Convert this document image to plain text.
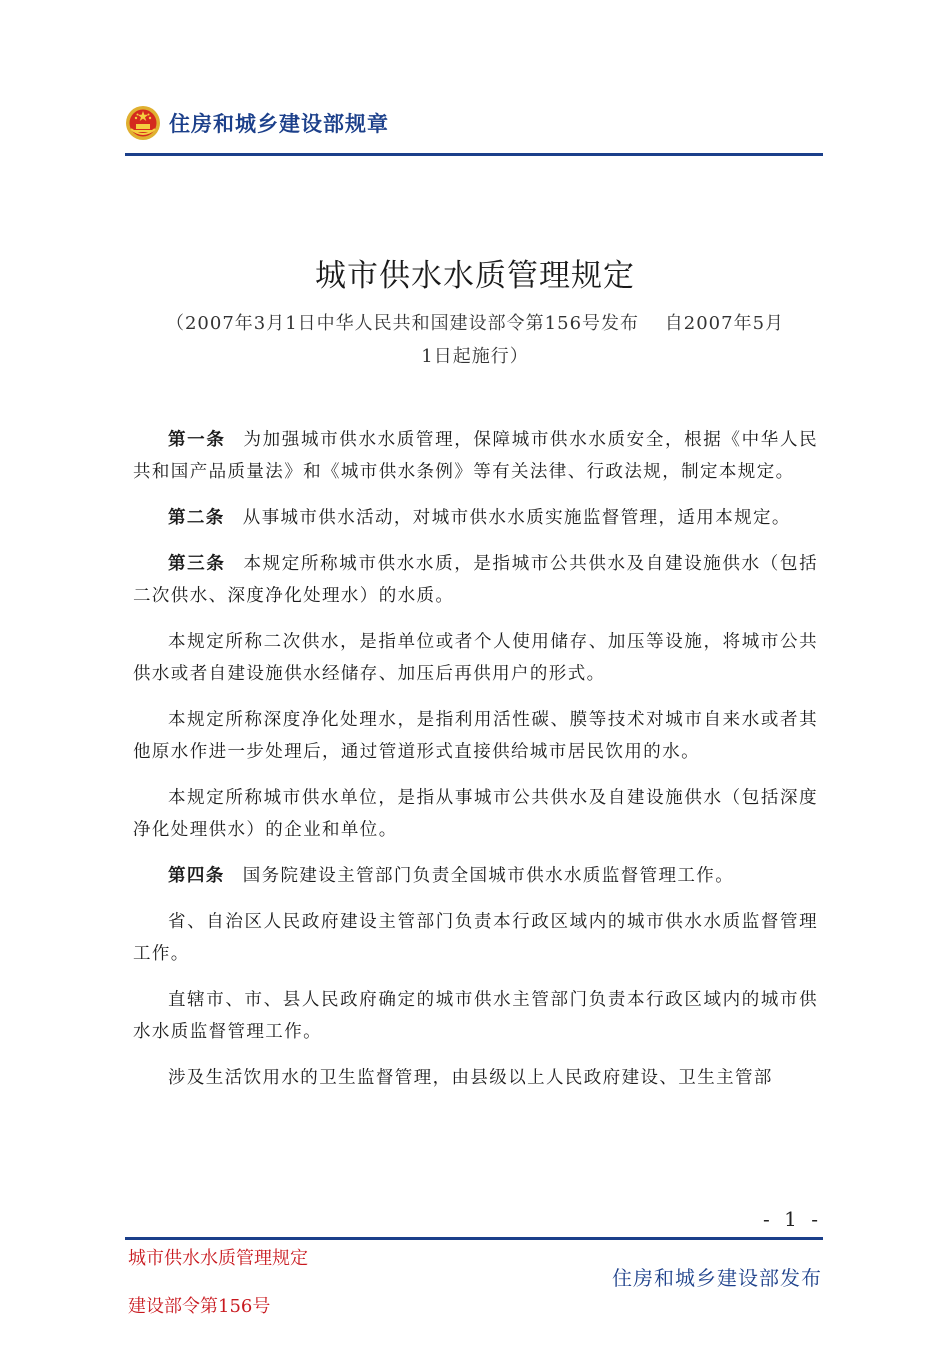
住房和城乡建设部规章
城市供水水质管理规定
（2007年3月1日中华人民共和国建设部令第156号发布　 自2007年5月
1日起施行）

第一条 为加强城市供水水质管理，保障城市供水水质安全，根据《中华人民共和国产品质量法》和《城市供水条例》等有关法律、行政法规，制定本规定。

第二条 从事城市供水活动，对城市供水水质实施监督管理，适用本规定。

第三条 本规定所称城市供水水质，是指城市公共供水及自建设施供水（包括二次供水、深度净化处理水）的水质。

本规定所称二次供水，是指单位或者个人使用储存、加压等设施，将城市公共供水或者自建设施供水经储存、加压后再供用户的形式。

本规定所称深度净化处理水，是指利用活性碳、膜等技术对城市自来水或者其他原水作进一步处理后，通过管道形式直接供给城市居民饮用的水。

本规定所称城市供水单位，是指从事城市公共供水及自建设施供水（包括深度净化处理供水）的企业和单位。

第四条 国务院建设主管部门负责全国城市供水水质监督管理工作。

省、自治区人民政府建设主管部门负责本行政区域内的城市供水水质监督管理工作。

直辖市、市、县人民政府确定的城市供水主管部门负责本行政区域内的城市供水水质监督管理工作。

涉及生活饮用水的卫生监督管理，由县级以上人民政府建设、卫生主管部

- 1 -
城市供水水质管理规定
建设部令第156号
住房和城乡建设部发布
